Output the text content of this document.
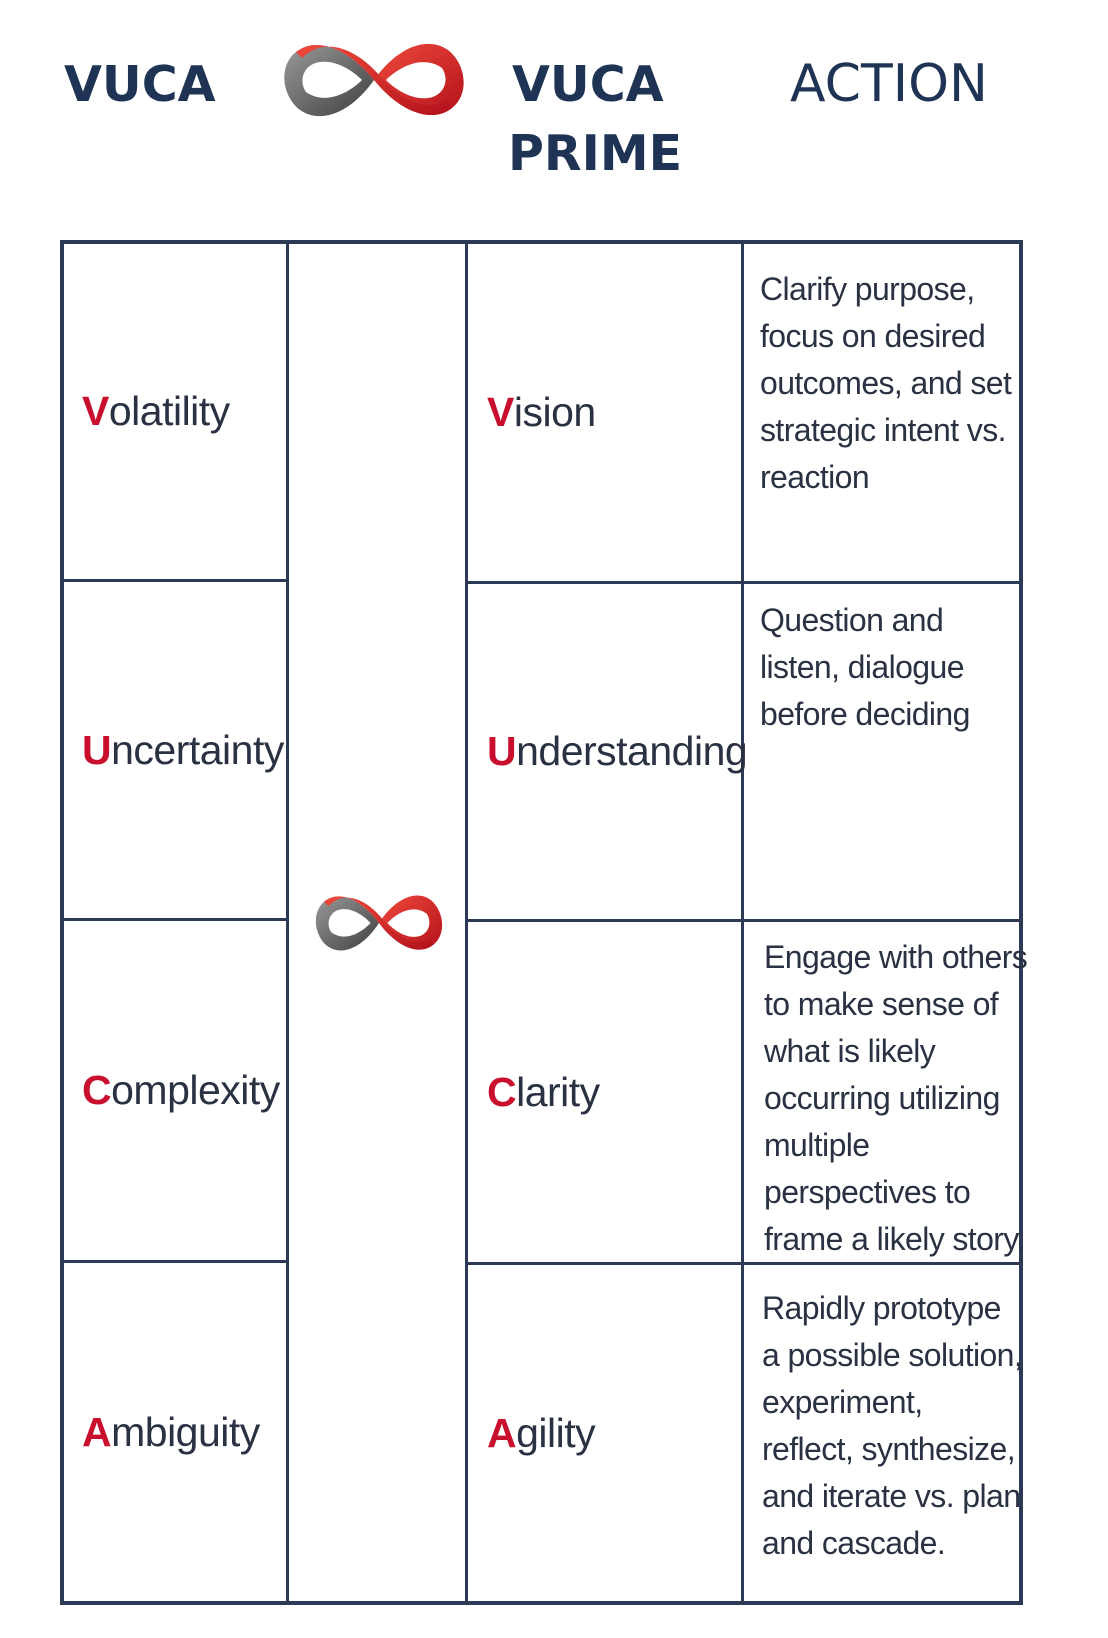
VUCA	VUCA
PRIME
ACTION
Volatility
Uncertainty
Complexity
Ambiguity
Vision
Understanding
Clarity
Agility
Clarify purpose,
focus on desired
outcomes, and set
strategic intent vs.
reaction
Question and
listen, dialogue
before deciding
Engage with others
to make sense of
what is likely
occurring utilizing
multiple
perspectives to
frame a likely story.
Rapidly prototype
a possible solution,
experiment,
reflect, synthesize,
and iterate vs. plan
and cascade.
